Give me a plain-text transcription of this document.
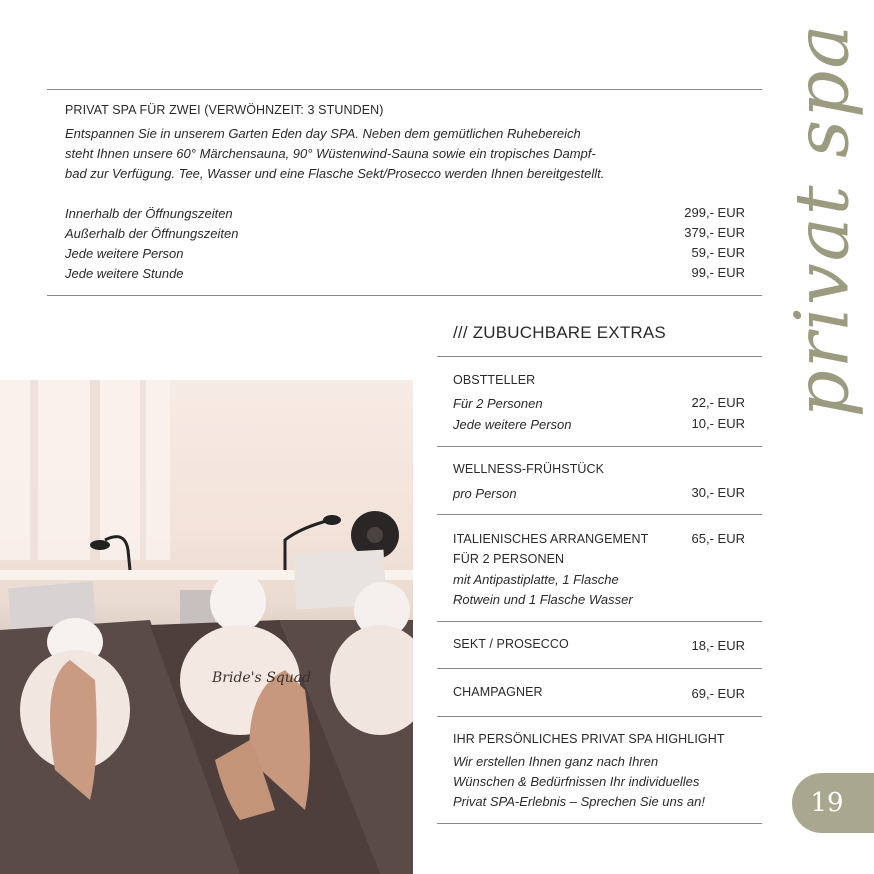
PRIVAT SPA FÜR ZWEI (VERWÖHNZEIT: 3 STUNDEN)
Entspannen Sie in unserem Garten Eden day SPA. Neben dem gemütlichen Ruhebereich
steht Ihnen unsere 60° Märchensauna, 90° Wüstenwind-Sauna sowie ein tropisches Dampf-
bad zur Verfügung. Tee, Wasser und eine Flasche Sekt/Prosecco werden Ihnen bereitgestellt.
Innerhalb der Öffnungszeiten	299,- EUR
Außerhalb der Öffnungszeiten	379,- EUR
Jede weitere Person	59,- EUR
Jede weitere Stunde	99,- EUR
/// ZUBUCHBARE EXTRAS
OBSTTELLER
Für 2 Personen	22,- EUR
Jede weitere Person	10,- EUR
WELLNESS-FRÜHSTÜCK
pro Person	30,- EUR
ITALIENISCHES ARRANGEMENT
FÜR 2 PERSONEN
65,- EUR
mit Antipastiplatte, 1 Flasche
Rotwein und 1 Flasche Wasser
SEKT / PROSECCO	18,- EUR
CHAMPAGNER	69,- EUR
IHR PERSÖNLICHES PRIVAT SPA HIGHLIGHT
Wir erstellen Ihnen ganz nach Ihren
Wünschen & Bedürfnissen Ihr individuelles
Privat SPA-Erlebnis – Sprechen Sie uns an!
privat spa
19
Bride's Squad
